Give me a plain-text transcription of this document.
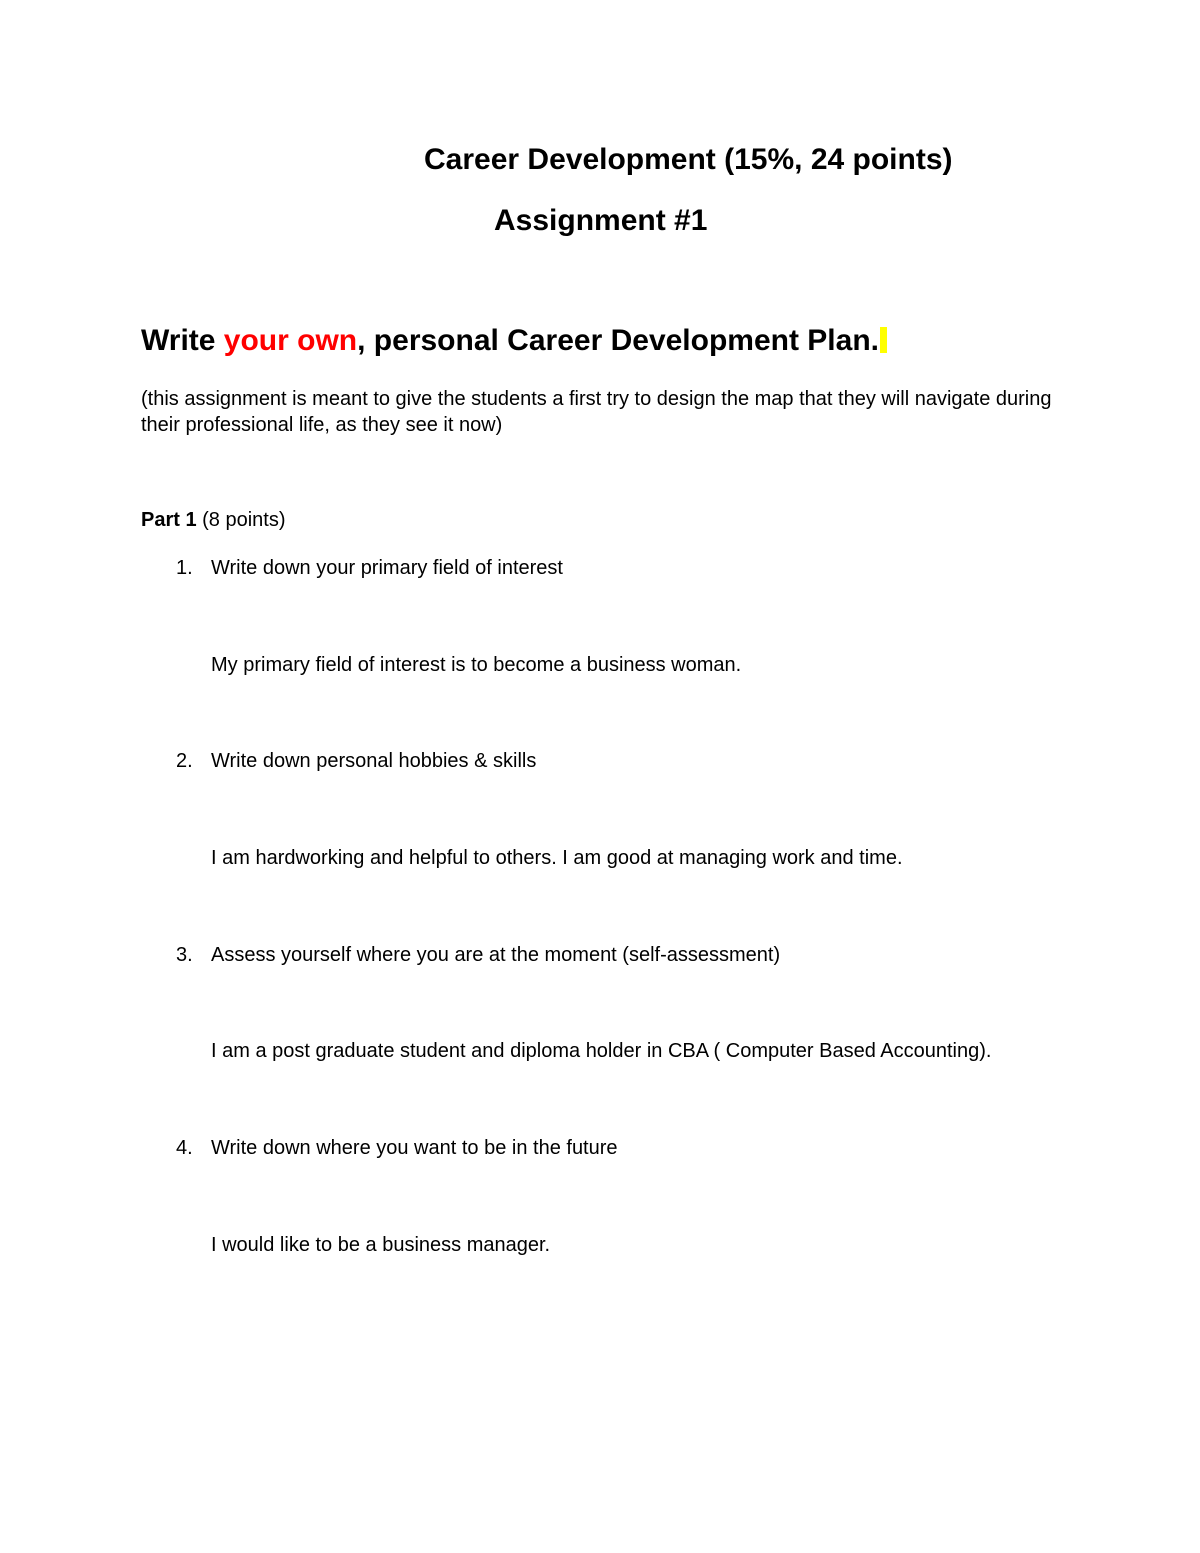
Career Development (15%, 24 points)
Assignment #1
Write your own, personal Career Development Plan.
(this assignment is meant to give the students a first try to design the map that they will navigate during their professional life, as they see it now)
Part 1 (8 points)
1. Write down your primary field of interest
My primary field of interest is to become a business woman.
2. Write down personal hobbies & skills
I am hardworking and helpful to others. I am good at managing work and time.
3. Assess yourself where you are at the moment (self-assessment)
I am a post graduate student and diploma holder in CBA ( Computer Based Accounting).
4. Write down where you want to be in the future
I would like to be a business manager.
